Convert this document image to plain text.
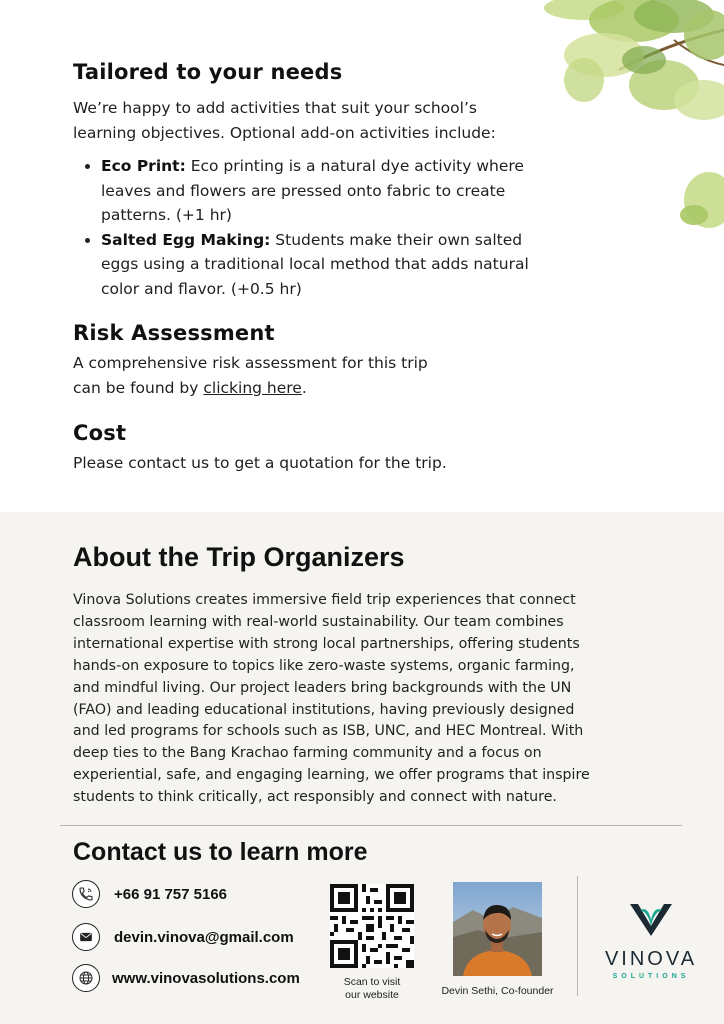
Tailored to your needs
We’re happy to add activities that suit your school’s
learning objectives. Optional add-on activities include:
Eco Print: Eco printing is a natural dye activity where
leaves and flowers are pressed onto fabric to create
patterns. (+1 hr)
Salted Egg Making: Students make their own salted
eggs using a traditional local method that adds natural
color and flavor. (+0.5 hr)
Risk Assessment
A comprehensive risk assessment for this trip
can be found by clicking here.
Cost
Please contact us to get a quotation for the trip.
About the Trip Organizers
Vinova Solutions creates immersive field trip experiences that connect
classroom learning with real-world sustainability. Our team combines
international expertise with strong local partnerships, offering students
hands-on exposure to topics like zero-waste systems, organic farming,
and mindful living. Our project leaders bring backgrounds with the UN
(FAO) and leading educational institutions, having previously designed
and led programs for schools such as ISB, UNC, and HEC Montreal. With
deep ties to the Bang Krachao farming community and a focus on
experiential, safe, and engaging learning, we offer programs that inspire
students to think critically, act responsibly and connect with nature.
Contact us to learn more
+66 91 757 5166
devin.vinova@gmail.com
www.vinovasolutions.com	Scan to visit
our website	Devin Sethi, Co-founder
VINOVA
SOLUTIONS
